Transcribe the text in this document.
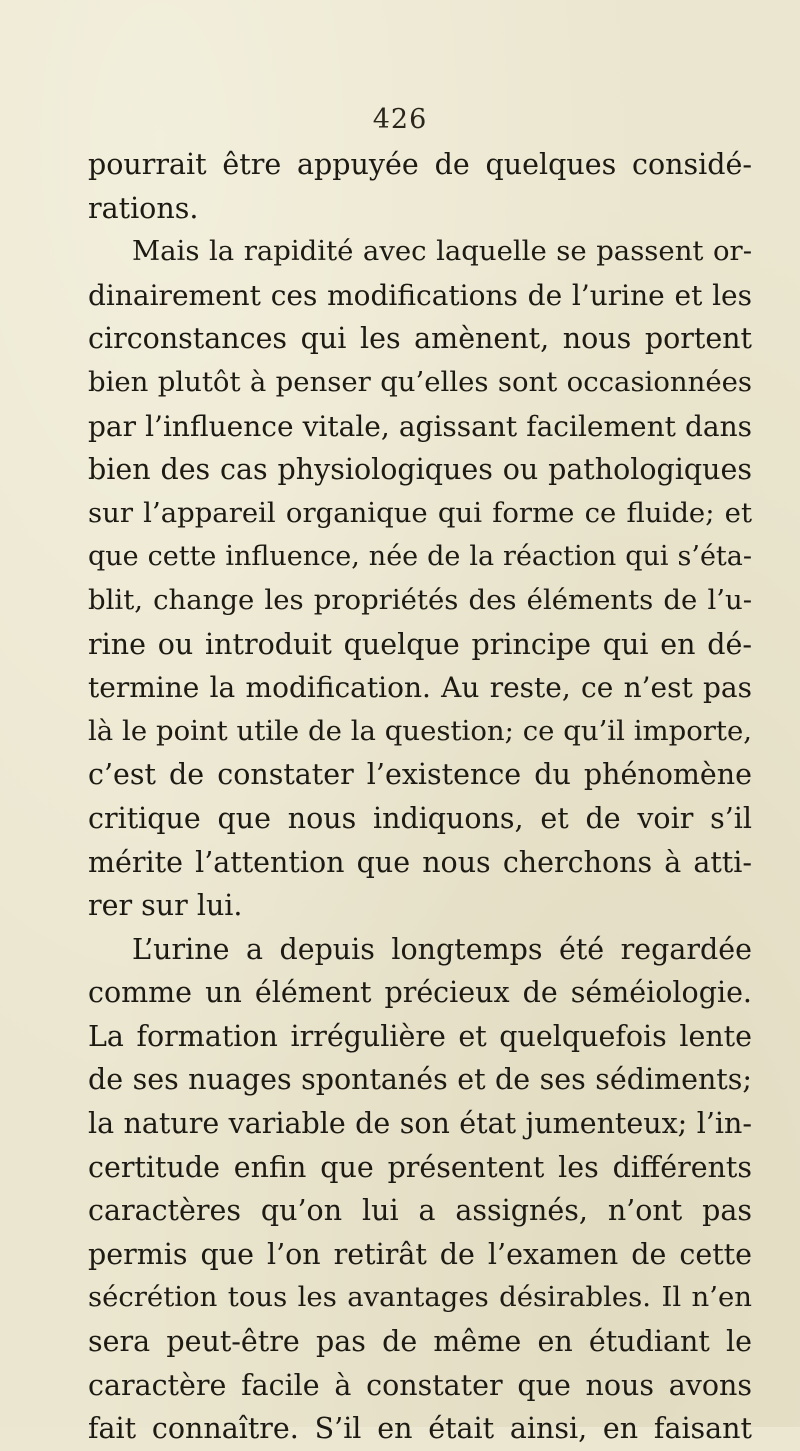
426
pourrait être appuyée de quelques considé-
rations.
Mais la rapidité avec laquelle se passent or-
dinairement ces modifications de l’urine et les
circonstances qui les amènent, nous portent
bien plutôt à penser qu’elles sont occasionnées
par l’influence vitale, agissant facilement dans
bien des cas physiologiques ou pathologiques
sur l’appareil organique qui forme ce fluide; et
que cette influence, née de la réaction qui s’éta-
blit, change les propriétés des éléments de l’u-
rine ou introduit quelque principe qui en dé-
termine la modification. Au reste, ce n’est pas
là le point utile de la question; ce qu’il importe,
c’est de constater l’existence du phénomène
critique que nous indiquons, et de voir s’il
mérite l’attention que nous cherchons à atti-
rer sur lui.
L’urine a depuis longtemps été regardée
comme un élément précieux de séméiologie.
La formation irrégulière et quelquefois lente
de ses nuages spontanés et de ses sédiments;
la nature variable de son état jumenteux; l’in-
certitude enfin que présentent les différents
caractères qu’on lui a assignés, n’ont pas
permis que l’on retirât de l’examen de cette
sécrétion tous les avantages désirables. Il n’en
sera peut-être pas de même en étudiant le
caractère facile à constater que nous avons
fait connaître. S’il en était ainsi, en faisant
